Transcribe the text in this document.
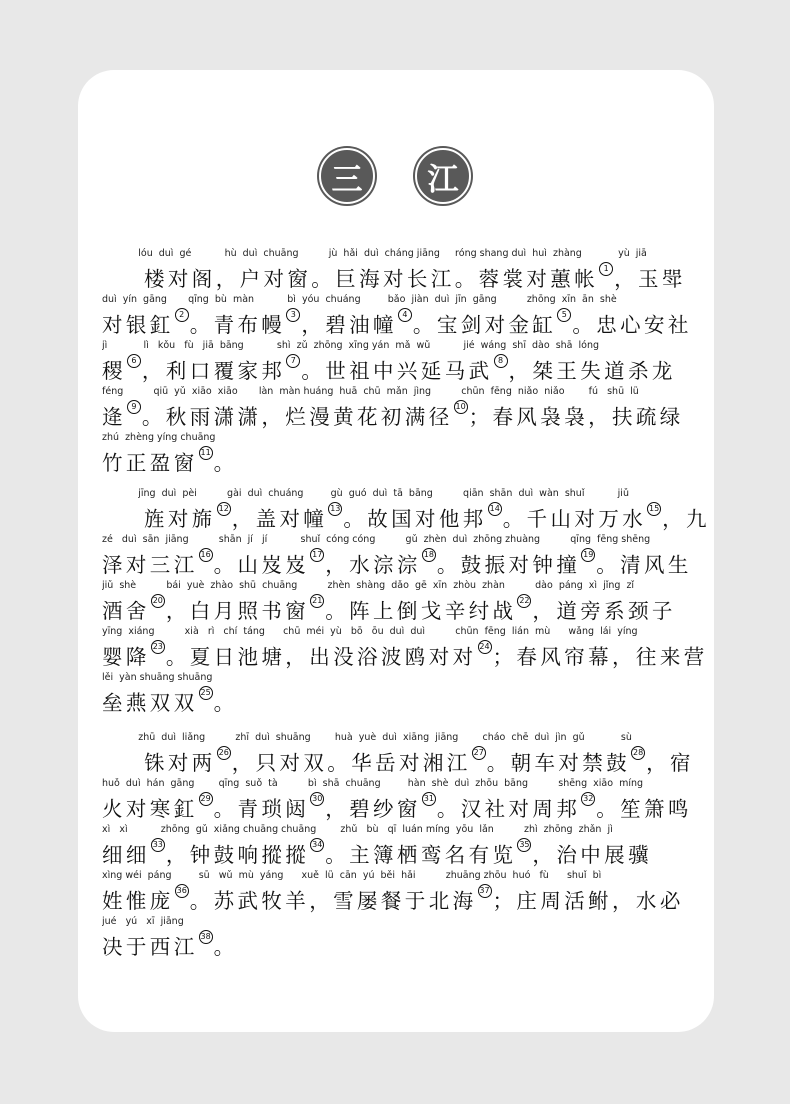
三	江
lóu  duì  gé           hù  duì  chuāng          jù  hǎi  duì  cháng jiāng     róng shang duì  huì  zhàng            yù  jiā
楼对阁，户对窗。巨海对长江。蓉裳对蕙帐 1 ，玉斝
duì  yín  gāng       qīng  bù  màn           bì  yóu  chuáng         bǎo  jiàn  duì  jīn  gāng          zhōng  xīn  ān  shè
对银釭 2 。青布幔 3 ，碧油幢 4 。宝剑对金缸 5 。忠心安社
jì            lì   kǒu   fù   jiā  bāng           shì  zǔ  zhōng  xīng yán  mǎ  wǔ           jié  wáng  shī  dào  shā  lóng
稷 6 ，利口覆家邦 7 。世祖中兴延马武 8 ，桀王失道杀龙
féng          qiū  yǔ  xiāo  xiāo       làn  màn huáng  huā  chū  mǎn  jìng          chūn  fēng  niǎo  niǎo        fú   shū  lǜ
逄 9 。秋雨潇潇，烂漫黄花初满径 10 ；春风袅袅，扶疏绿
zhú  zhèng yíng chuāng
竹正盈窗 11 。
jīng  duì  pèi          gài  duì  chuáng         gù  guó  duì  tā  bāng          qiān  shān  duì  wàn  shuǐ           jiǔ
旌对旆 12 ，盖对幢 13 。故国对他邦 14 。千山对万水 15 ，九
zé   duì  sān  jiāng          shān  jí   jí           shuǐ  cóng cóng          gǔ  zhèn  duì  zhōng zhuàng          qīng  fēng shēng
泽对三江 16 。山岌岌 17 ，水淙淙 18 。鼓振对钟撞 19 。清风生
jiǔ  shè          bái  yuè  zhào  shū  chuāng          zhèn  shàng  dǎo  gē  xīn  zhòu  zhàn          dào  páng  xì  jǐng  zǐ
酒舍 20 ，白月照书窗 21 。阵上倒戈辛纣战 22 ，道旁系颈子
yīng  xiáng          xià   rì   chí  táng      chū  méi  yù   bō   ōu  duì  duì          chūn  fēng  lián  mù      wǎng  lái  yíng
婴降 23 。夏日池塘，出没浴波鸥对对 24 ；春风帘幕，往来营
lěi  yàn shuāng shuāng
垒燕双双 25 。
zhū  duì  liǎng          zhī  duì  shuāng        huà  yuè  duì  xiāng  jiāng        cháo  chē  duì  jìn  gǔ            sù
铢对两 26 ，只对双。华岳对湘江 27 。朝车对禁鼓 28 ，宿
huǒ  duì  hán  gāng        qīng  suǒ  tà          bì  shā  chuāng         hàn  shè  duì  zhōu  bāng          shēng  xiāo  míng
火对寒釭 29 。青琐闼 30 ，碧纱窗 31 。汉社对周邦 32 。笙箫鸣
xì   xì           zhōng  gǔ  xiǎng chuāng chuāng        zhǔ   bù   qī  luán míng  yōu  lǎn          zhì  zhōng  zhǎn  jì
细细 33 ，钟鼓响摐摐 34 。主簿栖鸾名有览 35 ，治中展骥
xìng wéi  páng         sū   wǔ  mù  yáng      xuě  lǚ  cān  yú  běi  hǎi          zhuāng zhōu  huó   fù      shuǐ  bì
姓惟庞 36 。苏武牧羊，雪屡餐于北海 37 ；庄周活鲋，水必
jué   yú   xī  jiāng
决于西江 38 。
